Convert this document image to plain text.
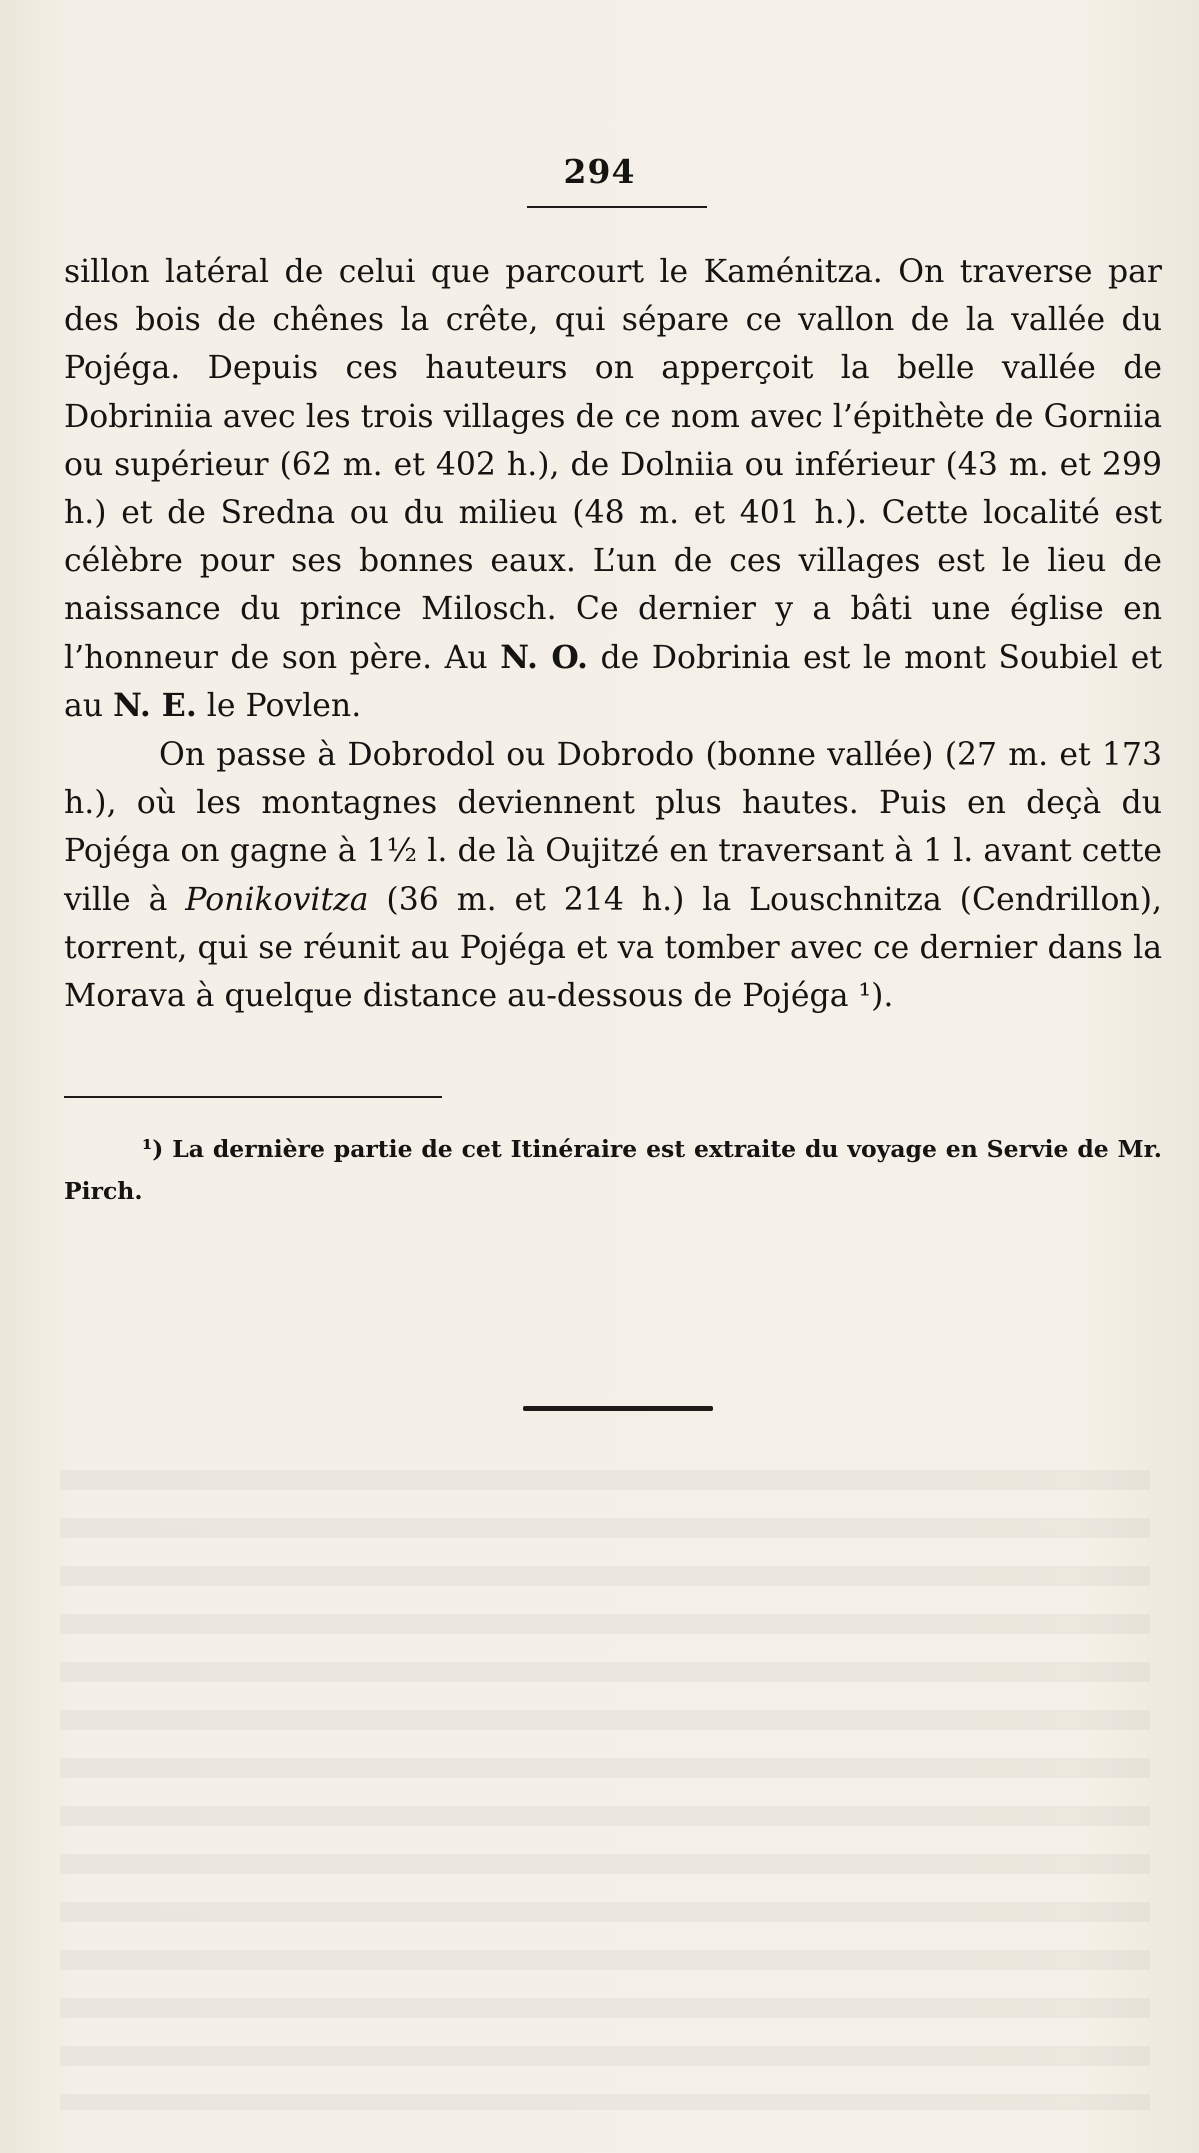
294

sillon latéral de celui que parcourt le Kaménitza. On traverse par des bois de chênes la crête, qui sépare ce vallon de la vallée du Pojéga. Depuis ces hauteurs on apperçoit la belle vallée de Dobriniia avec les trois villages de ce nom avec l’épithète de Gorniia ou supérieur (62 m. et 402 h.), de Dolniia ou inférieur (43 m. et 299 h.) et de Sredna ou du milieu (48 m. et 401 h.). Cette localité est célèbre pour ses bonnes eaux. L’un de ces villages est le lieu de naissance du prince Milosch. Ce dernier y a bâti une église en l’honneur de son père. Au N. O. de Dobrinia est le mont Soubiel et au N. E. le Povlen.

On passe à Dobrodol ou Dobrodo (bonne vallée) (27 m. et 173 h.), où les montagnes deviennent plus hautes. Puis en deçà du Pojéga on gagne à 1½ l. de là Oujitzé en traversant à 1 l. avant cette ville à Ponikovitza (36 m. et 214 h.) la Louschnitza (Cendrillon), torrent, qui se réunit au Pojéga et va tomber avec ce dernier dans la Morava à quelque distance au-dessous de Pojéga ¹).

¹) La dernière partie de cet Itinéraire est extraite du voyage en Servie de Mr. Pirch.
